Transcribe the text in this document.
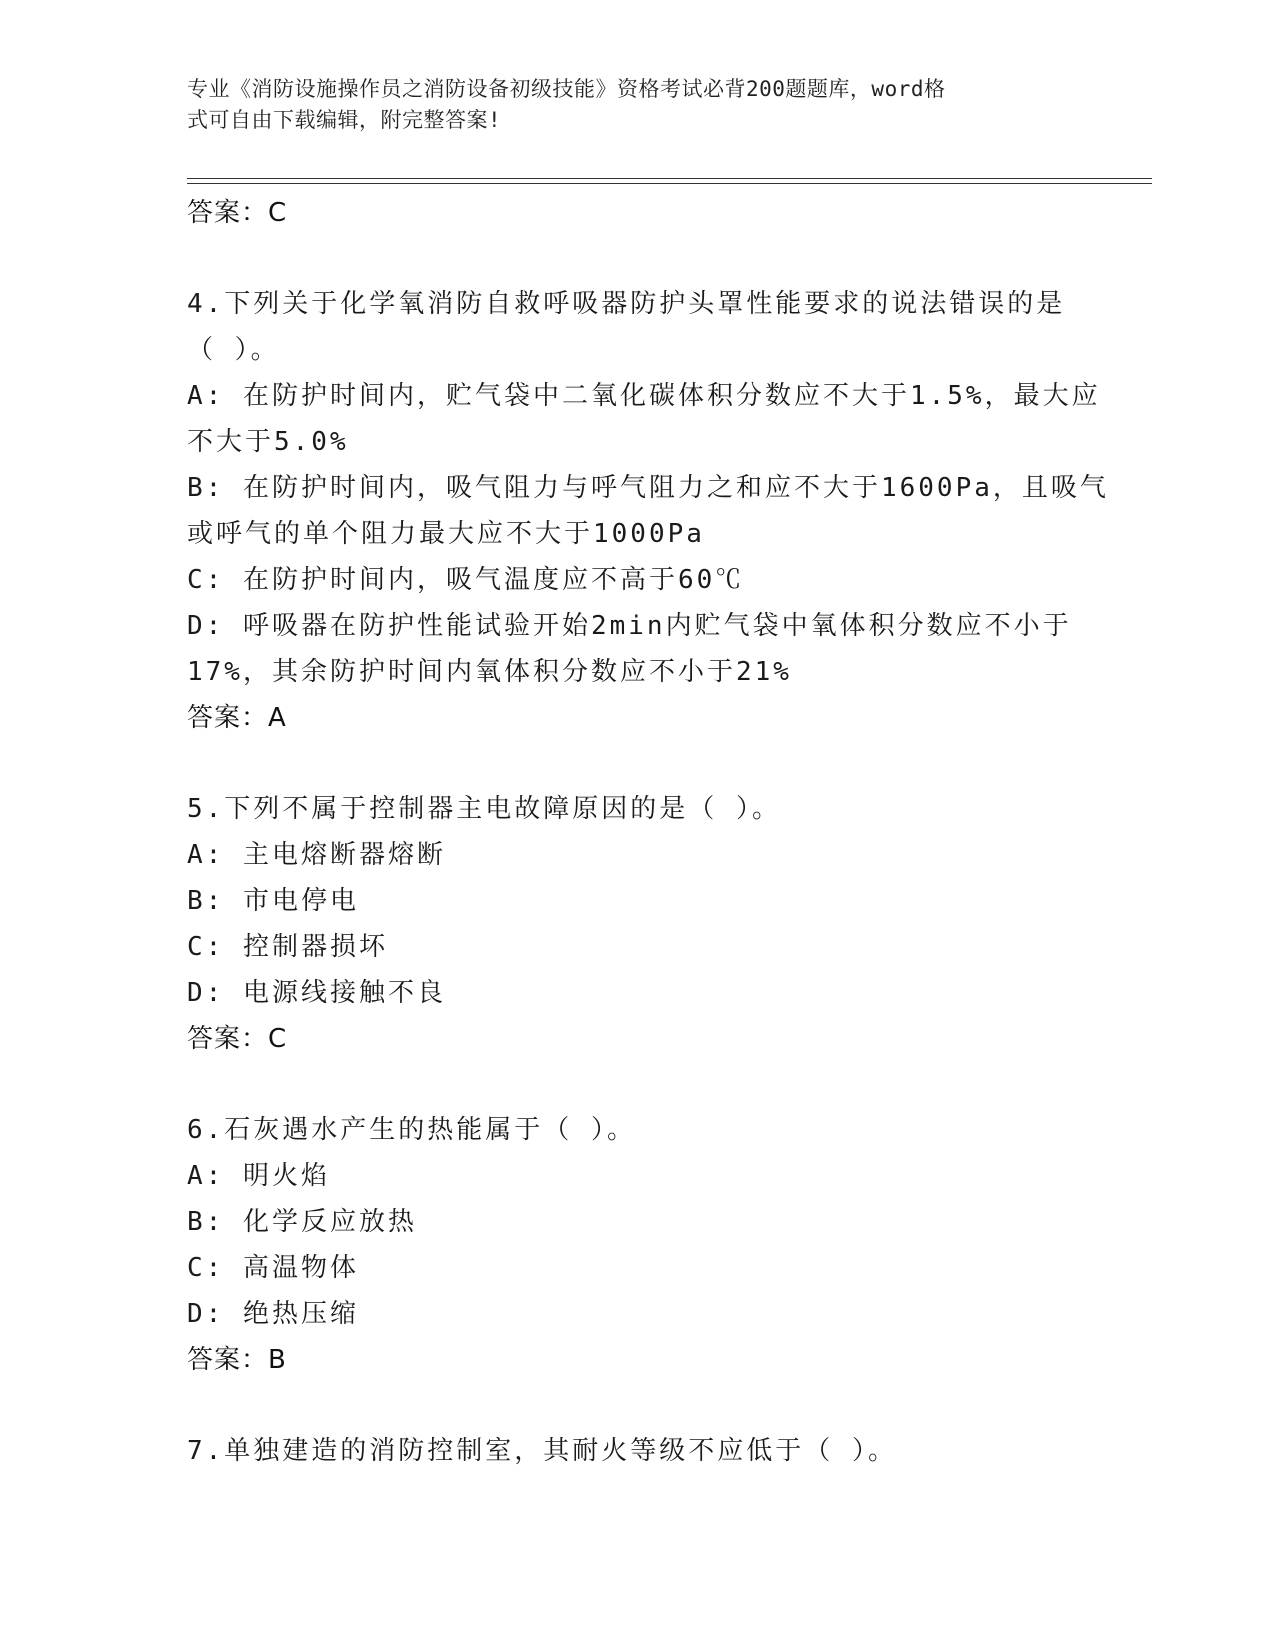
专业《消防设施操作员之消防设备初级技能》资格考试必背200题题库，word格
式可自由下载编辑，附完整答案!
答案：C
4.下列关于化学氧消防自救呼吸器防护头罩性能要求的说法错误的是
（ ）。
A: 在防护时间内，贮气袋中二氧化碳体积分数应不大于1.5%，最大应
不大于5.0%
B: 在防护时间内，吸气阻力与呼气阻力之和应不大于1600Pa，且吸气
或呼气的单个阻力最大应不大于1000Pa
C: 在防护时间内，吸气温度应不高于60℃
D: 呼吸器在防护性能试验开始2min内贮气袋中氧体积分数应不小于
17%，其余防护时间内氧体积分数应不小于21%
答案：A
5.下列不属于控制器主电故障原因的是（ ）。
A: 主电熔断器熔断
B: 市电停电
C: 控制器损坏
D: 电源线接触不良
答案：C
6.石灰遇水产生的热能属于（ ）。
A: 明火焰
B: 化学反应放热
C: 高温物体
D: 绝热压缩
答案：B
7.单独建造的消防控制室，其耐火等级不应低于（ ）。
